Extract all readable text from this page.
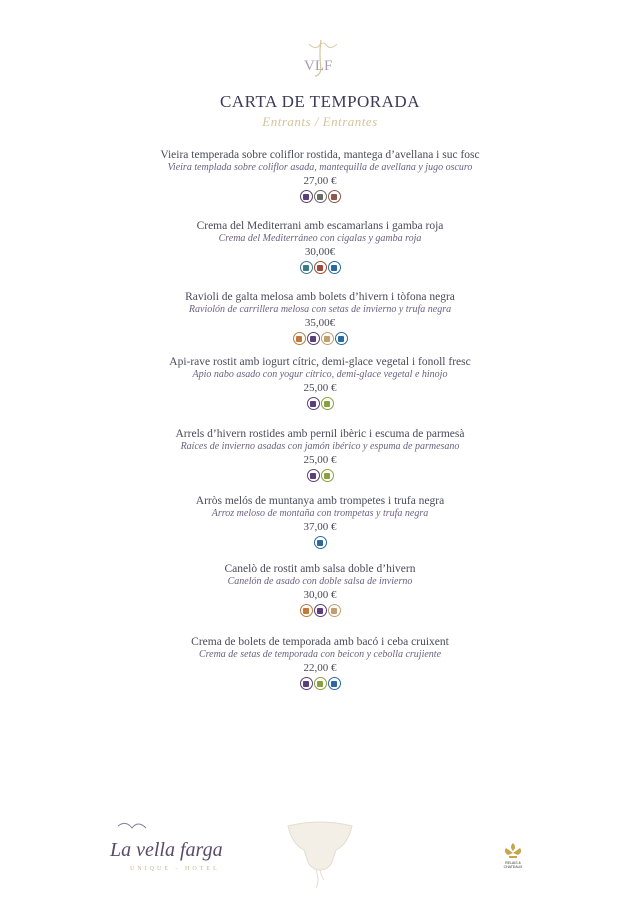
VLF
CARTA DE TEMPORADA
Entrants / Entrantes
Vieira temperada sobre coliflor rostida, mantega d’avellana i suc fosc
Vieira templada sobre coliflor asada, mantequilla de avellana y jugo oscuro
27,00 €
Crema del Mediterrani amb escamarlans i gamba roja
Crema del Mediterráneo con cigalas y gamba roja
30,00€
Ravioli de galta melosa amb bolets d’hivern i tòfona negra
Raviolón de carrillera melosa con setas de invierno y trufa negra
35,00€
Api-rave rostit amb iogurt cítric, demi-glace vegetal i fonoll fresc
Apio nabo asado con yogur cítrico, demi-glace vegetal e hinojo
25,00 €
Arrels d’hivern rostides amb pernil ibèric i escuma de parmesà
Raíces de invierno asadas con jamón ibérico y espuma de parmesano
25,00 €
Arròs melós de muntanya amb trompetes i trufa negra
Arroz meloso de montaña con trompetas y trufa negra
37,00 €
Canelò de rostit amb salsa doble d’hivern
Canelón de asado con doble salsa de invierno
30,00 €
Crema de bolets de temporada amb bacó i ceba cruixent
Crema de setas de temporada con beicon y cebolla crujiente
22,00 €
La vella farga
UNIQUE - HOTEL
RELAIS &
CHATEAUX
